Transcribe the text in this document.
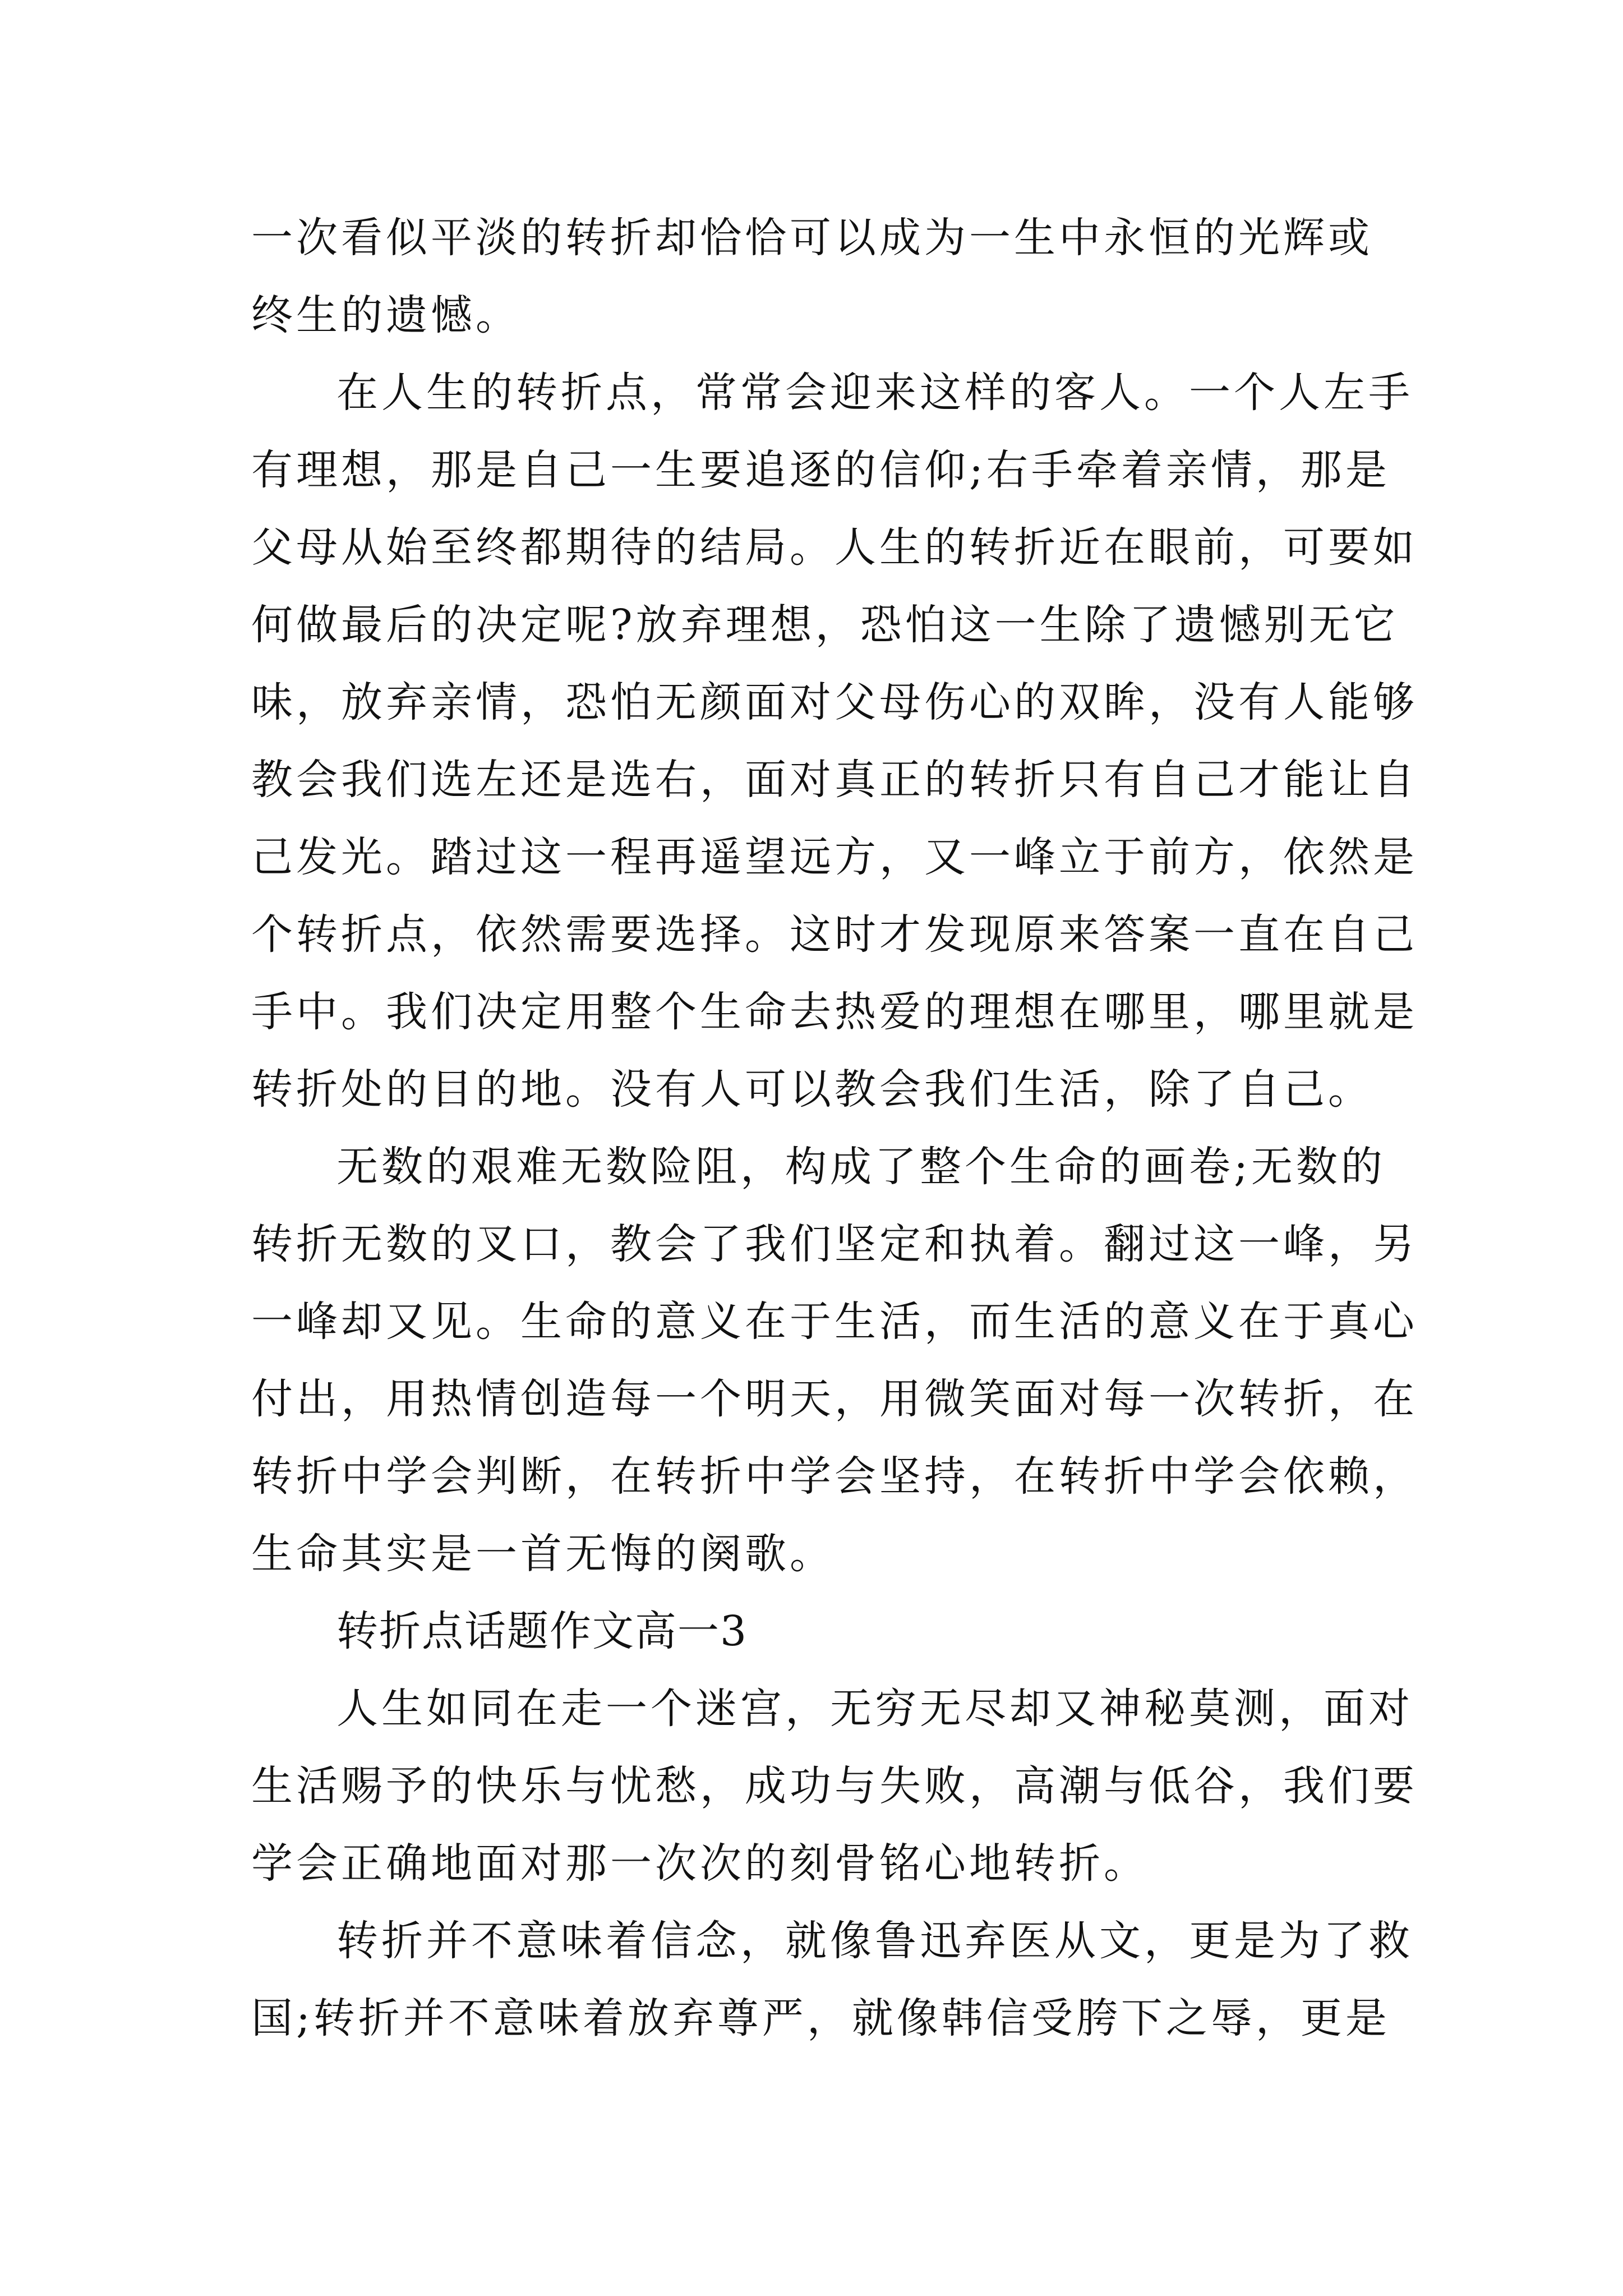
一次看似平淡的转折却恰恰可以成为一生中永恒的光辉或
终生的遗憾。
在人生的转折点，常常会迎来这样的客人。一个人左手
有理想，那是自己一生要追逐的信仰;右手牵着亲情，那是
父母从始至终都期待的结局。人生的转折近在眼前，可要如
何做最后的决定呢?放弃理想，恐怕这一生除了遗憾别无它
味，放弃亲情，恐怕无颜面对父母伤心的双眸，没有人能够
教会我们选左还是选右，面对真正的转折只有自己才能让自
己发光。踏过这一程再遥望远方，又一峰立于前方，依然是
个转折点，依然需要选择。这时才发现原来答案一直在自己
手中。我们决定用整个生命去热爱的理想在哪里，哪里就是
转折处的目的地。没有人可以教会我们生活，除了自己。
无数的艰难无数险阻，构成了整个生命的画卷;无数的
转折无数的叉口，教会了我们坚定和执着。翻过这一峰，另
一峰却又见。生命的意义在于生活，而生活的意义在于真心
付出，用热情创造每一个明天，用微笑面对每一次转折，在
转折中学会判断，在转折中学会坚持，在转折中学会依赖，
生命其实是一首无悔的阕歌。
转折点话题作文高一3
人生如同在走一个迷宫，无穷无尽却又神秘莫测，面对
生活赐予的快乐与忧愁，成功与失败，高潮与低谷，我们要
学会正确地面对那一次次的刻骨铭心地转折。
转折并不意味着信念，就像鲁迅弃医从文，更是为了救
国;转折并不意味着放弃尊严，就像韩信受胯下之辱，更是
